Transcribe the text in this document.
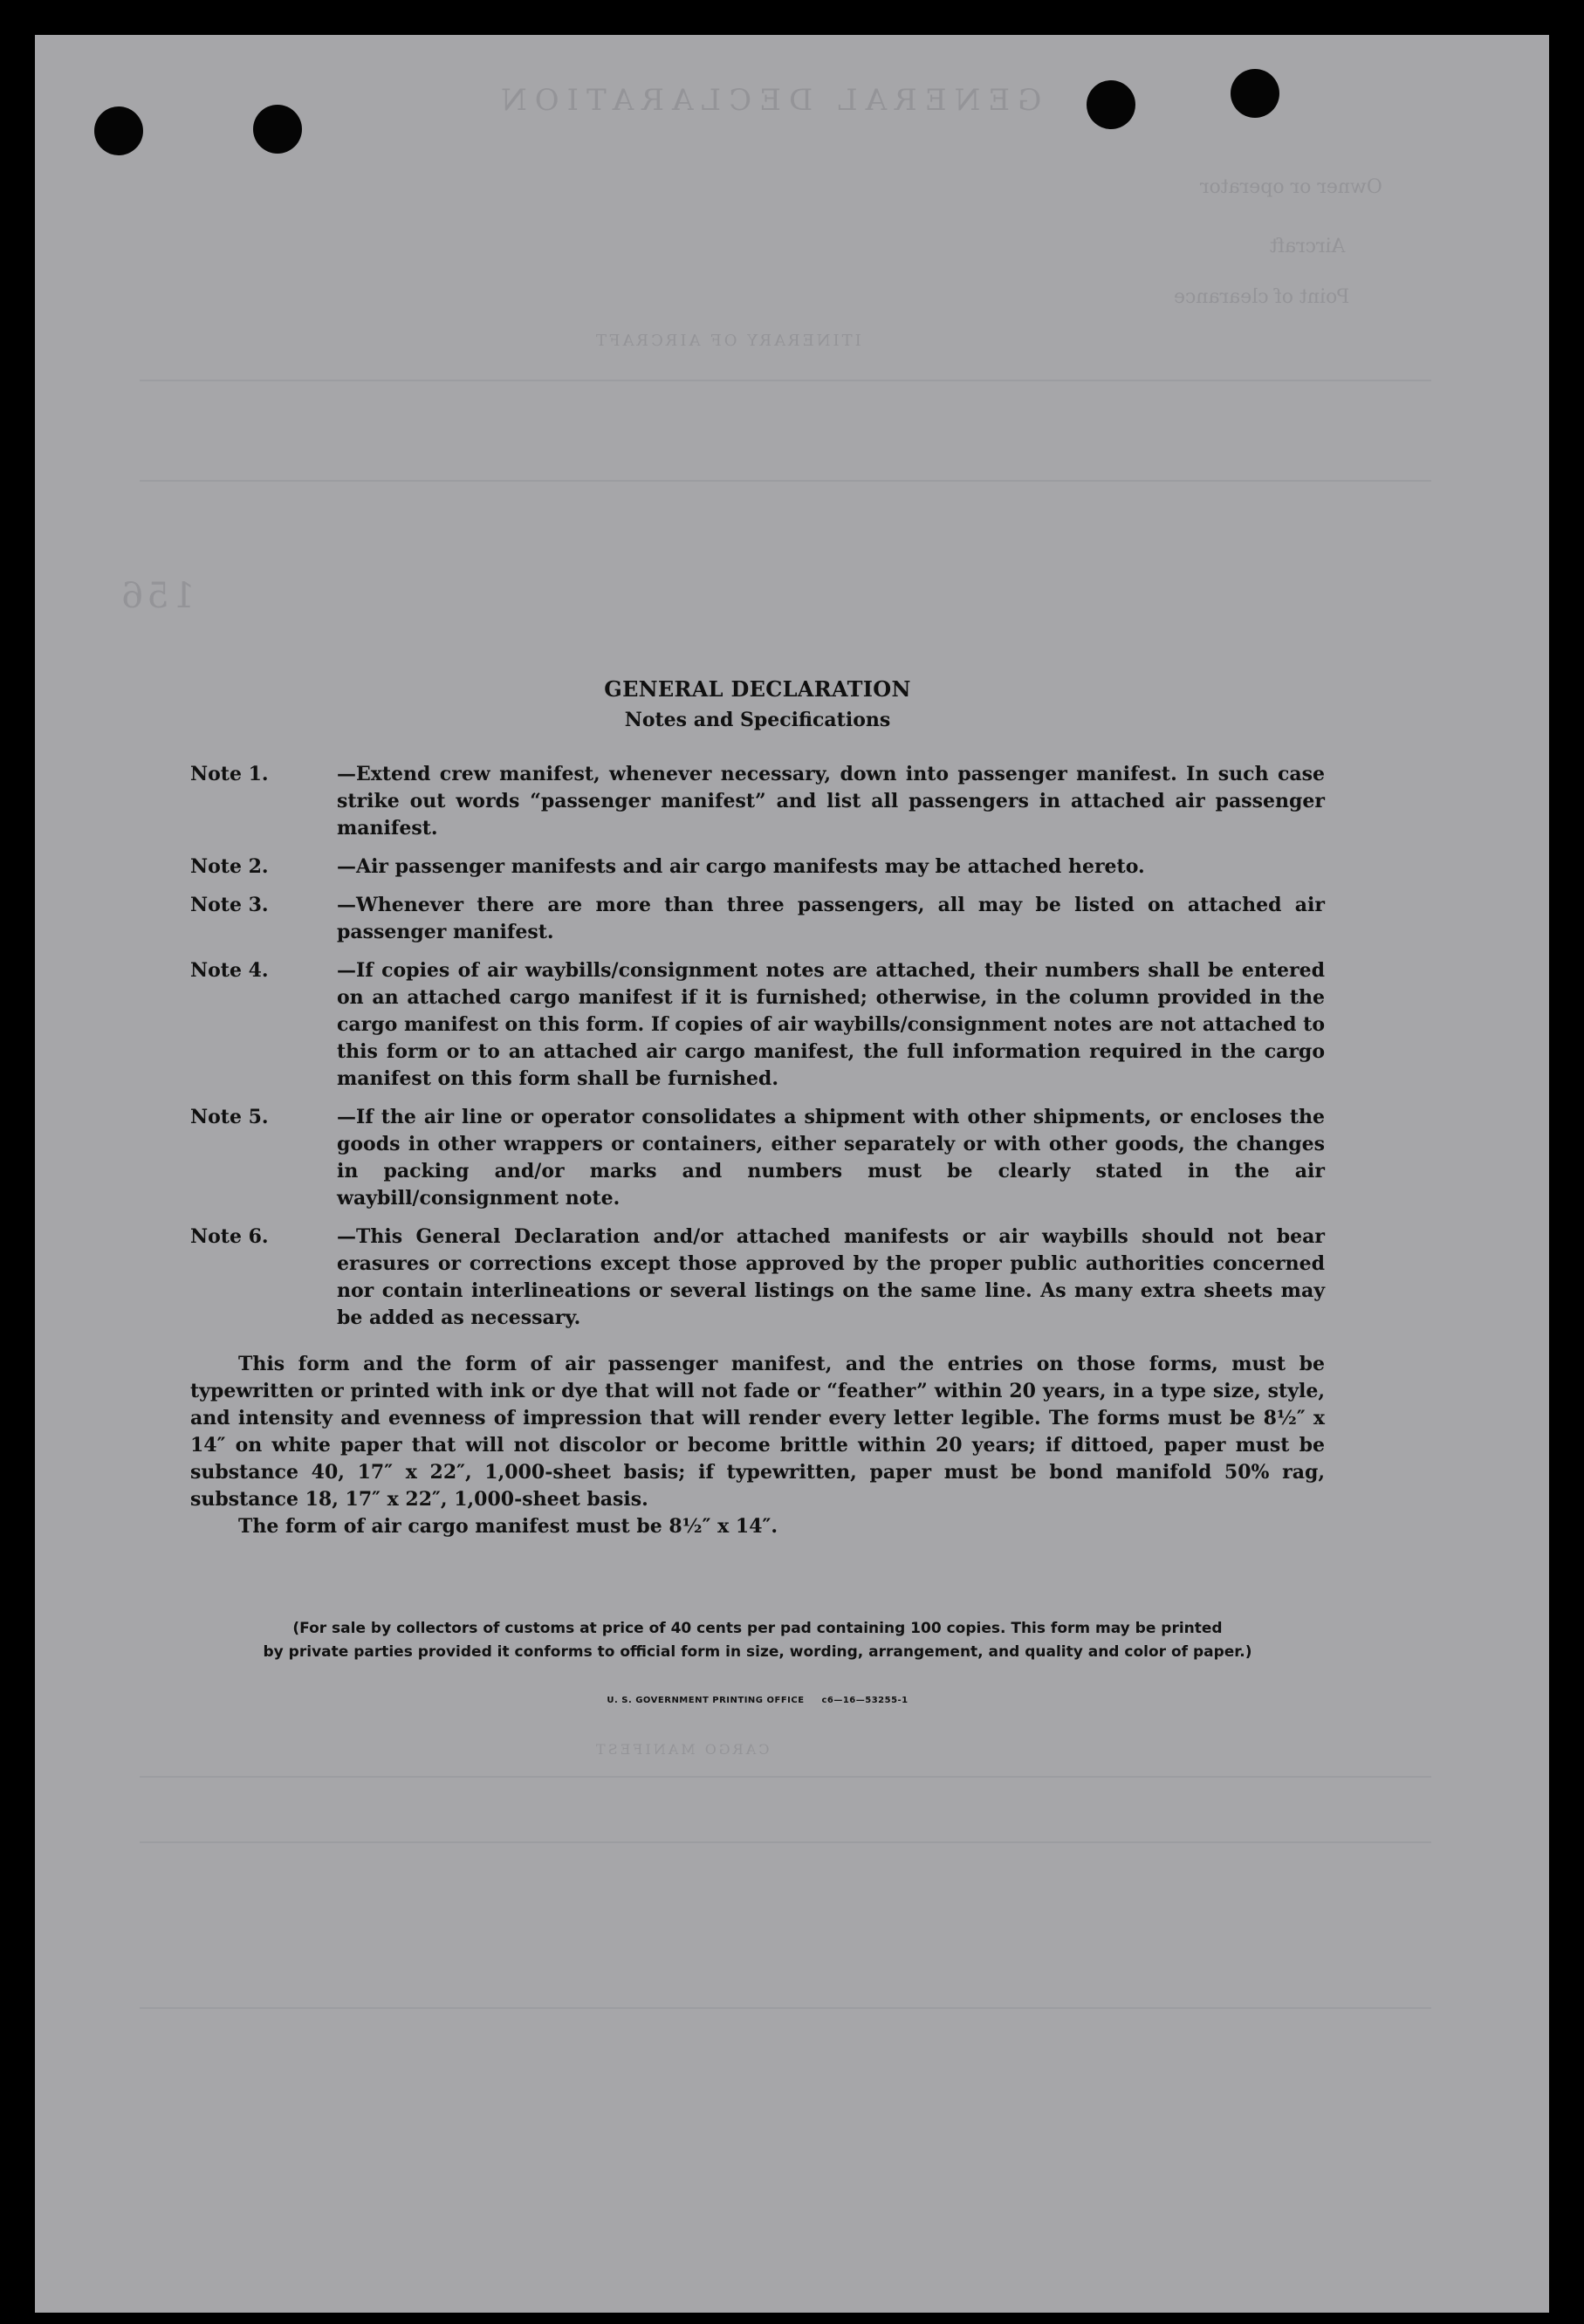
GENERAL DECLARATION
Owner or operator
Aircraft
Point of clearance
ITINERARY OF AIRCRAFT
156
CARGO MANIFEST
GENERAL DECLARATION
Notes and Specifications
Note 1.	—Extend crew manifest, whenever necessary, down into passenger manifest. In such case strike out words “passenger manifest” and list all passengers in attached air passenger manifest.
Note 2.	—Air passenger manifests and air cargo manifests may be attached hereto.
Note 3.	—Whenever there are more than three passengers, all may be listed on attached air passenger manifest.
Note 4.	—If copies of air waybills/consignment notes are attached, their numbers shall be entered on an attached cargo manifest if it is furnished; otherwise, in the column provided in the cargo manifest on this form. If copies of air waybills/consignment notes are not attached to this form or to an attached air cargo manifest, the full information required in the cargo manifest on this form shall be furnished.
Note 5.	—If the air line or operator consolidates a shipment with other shipments, or encloses the goods in other wrappers or containers, either separately or with other goods, the changes in packing and/or marks and numbers must be clearly stated in the air waybill/consignment note.
Note 6.	—This General Declaration and/or attached manifests or air waybills should not bear erasures or corrections except those approved by the proper public authorities concerned nor contain interlineations or several listings on the same line. As many extra sheets may be added as necessary.

This form and the form of air passenger manifest, and the entries on those forms, must be typewritten or printed with ink or dye that will not fade or “feather” within 20 years, in a type size, style, and intensity and evenness of impression that will render every letter legible. The forms must be 8½″ x 14″ on white paper that will not discolor or become brittle within 20 years; if dittoed, paper must be substance 40, 17″ x 22″, 1,000-sheet basis; if typewritten, paper must be bond manifold 50% rag, substance 18, 17″ x 22″, 1,000-sheet basis.

The form of air cargo manifest must be 8½″ x 14″.

(For sale by collectors of customs at price of 40 cents per pad containing 100 copies. This form may be printed
by private parties provided it conforms to official form in size, wording, arrangement, and quality and color of paper.)
U. S. GOVERNMENT PRINTING OFFICE     c6—16—53255-1
